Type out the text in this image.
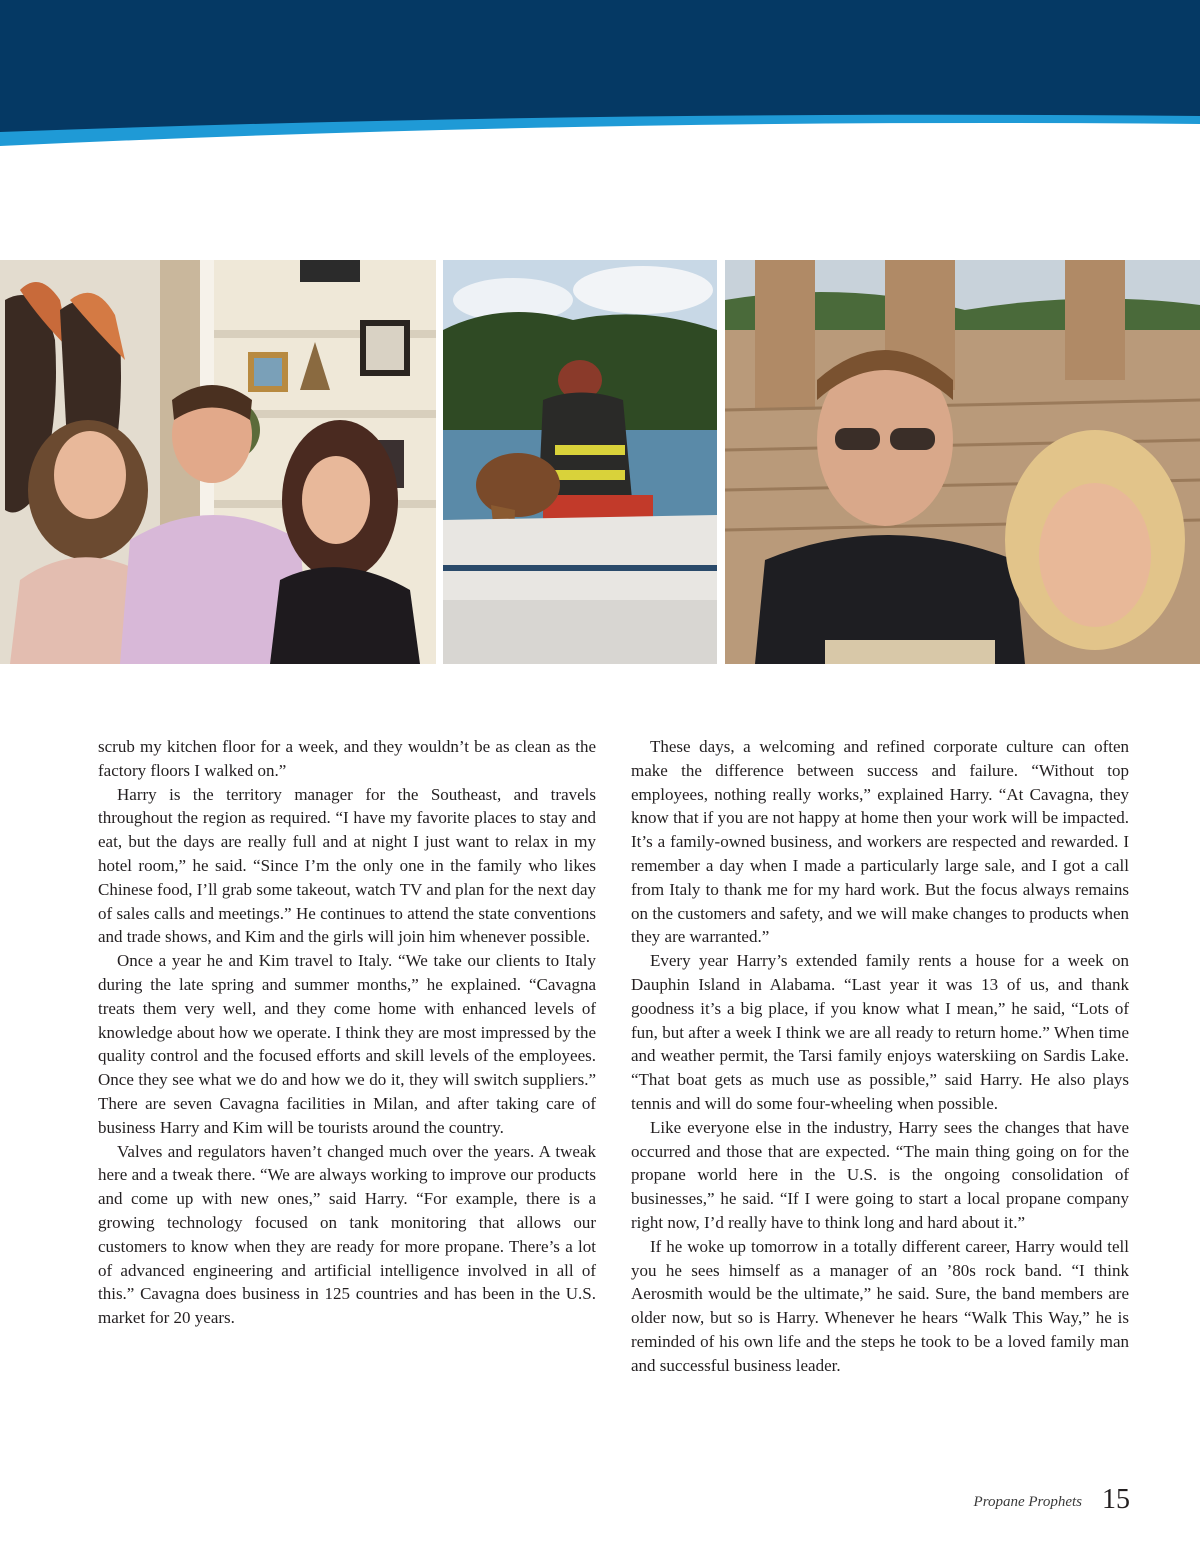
scrub my kitchen floor for a week, and they wouldn’t be as clean as the factory floors I walked on.”

Harry is the territory manager for the Southeast, and travels throughout the region as required. “I have my favorite places to stay and eat, but the days are really full and at night I just want to relax in my hotel room,” he said. “Since I’m the only one in the family who likes Chinese food, I’ll grab some takeout, watch TV and plan for the next day of sales calls and meetings.” He continues to attend the state conventions and trade shows, and Kim and the girls will join him whenever possible.

Once a year he and Kim travel to Italy. “We take our clients to Italy during the late spring and summer months,” he explained. “Cavagna treats them very well, and they come home with enhanced levels of knowledge about how we operate. I think they are most impressed by the quality control and the focused efforts and skill levels of the employees. Once they see what we do and how we do it, they will switch suppliers.” There are seven Cavagna facilities in Milan, and after taking care of business Harry and Kim will be tourists around the country.

Valves and regulators haven’t changed much over the years. A tweak here and a tweak there. “We are always working to improve our products and come up with new ones,” said Harry. “For example, there is a growing technology focused on tank monitoring that allows our customers to know when they are ready for more propane. There’s a lot of advanced engineering and artificial intelligence involved in all of this.” Cavagna does business in 125 countries and has been in the U.S. market for 20 years.

These days, a welcoming and refined corporate culture can often make the difference between success and failure. “Without top employees, nothing really works,” explained Harry. “At Cavagna, they know that if you are not happy at home then your work will be impacted. It’s a family-owned business, and workers are respected and rewarded. I remember a day when I made a particularly large sale, and I got a call from Italy to thank me for my hard work. But the focus always remains on the customers and safety, and we will make changes to products when they are warranted.”

Every year Harry’s extended family rents a house for a week on Dauphin Island in Alabama. “Last year it was 13 of us, and thank goodness it’s a big place, if you know what I mean,” he said, “Lots of fun, but after a week I think we are all ready to return home.” When time and weather permit, the Tarsi family enjoys waterskiing on Sardis Lake. “That boat gets as much use as possible,” said Harry. He also plays tennis and will do some four-wheeling when possible.

Like everyone else in the industry, Harry sees the changes that have occurred and those that are expected. “The main thing going on for the propane world here in the U.S. is the ongoing consolidation of businesses,” he said. “If I were going to start a local propane company right now, I’d really have to think long and hard about it.”

If he woke up tomorrow in a totally different career, Harry would tell you he sees himself as a manager of an ’80s rock band. “I think Aerosmith would be the ultimate,” he said. Sure, the band members are older now, but so is Harry. Whenever he hears “Walk This Way,” he is reminded of his own life and the steps he took to be a loved family man and successful business leader.

Propane Prophets 15
